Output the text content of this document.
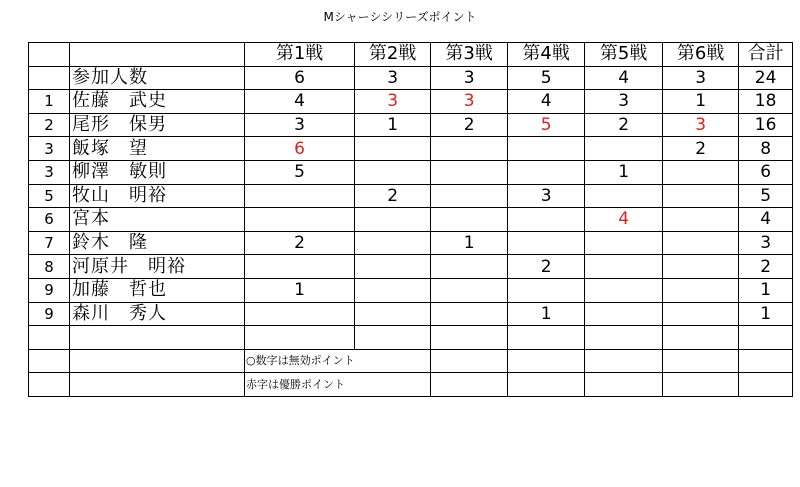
Mシャーシシリーズポイント
		第1戦	第2戦	第3戦	第4戦	第5戦	第6戦	合計
	参加人数	6	3	3	5	4	3	24
1	佐藤　武史	4	3	3	4	3	1	18
2	尾形　保男	3	1	2	5	2	3	16
3	飯塚　望	6					2	8
3	柳澤　敏則	5				1		6
5	牧山　明裕		2		3			5
6	宮本					4		4
7	鈴木　隆	2		1				3
8	河原井　明裕				2			2
9	加藤　哲也	1						1
9	森川　秀人				1			1

		○数字は無効ポイント						
		赤字は優勝ポイント						
